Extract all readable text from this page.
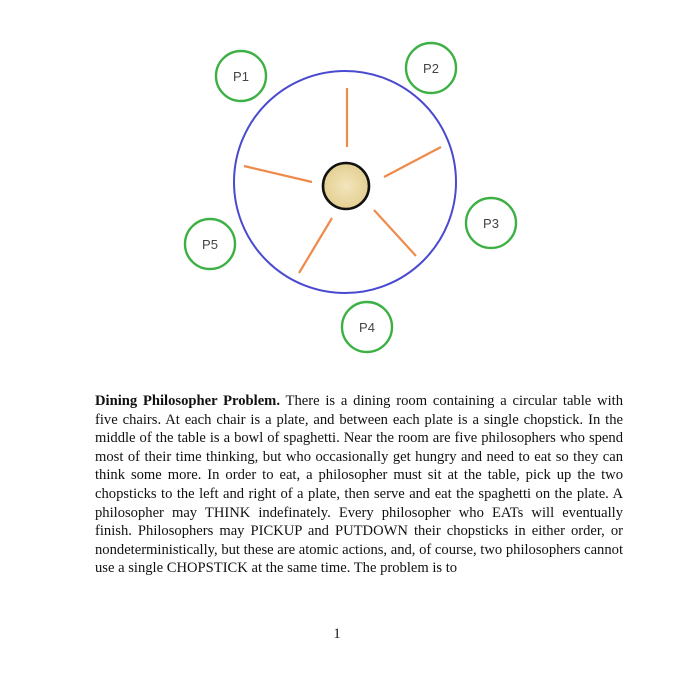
P1
P2
P3
P4
P5

Dining Philosopher Problem. There is a dining room containing a circular table with five chairs. At each chair is a plate, and between each plate is a single chopstick. In the middle of the table is a bowl of spaghetti. Near the room are five philosophers who spend most of their time thinking, but who occasionally get hungry and need to eat so they can think some more. In order to eat, a philosopher must sit at the table, pick up the two chopsticks to the left and right of a plate, then serve and eat the spaghetti on the plate. A philosopher may THINK indefinately. Every philosopher who EATs will eventually finish. Philosophers may PICKUP and PUTDOWN their chopsticks in either order, or nondeterministically, but these are atomic actions, and, of course, two philosophers cannot use a single CHOPSTICK at the same time. The problem is to

1
